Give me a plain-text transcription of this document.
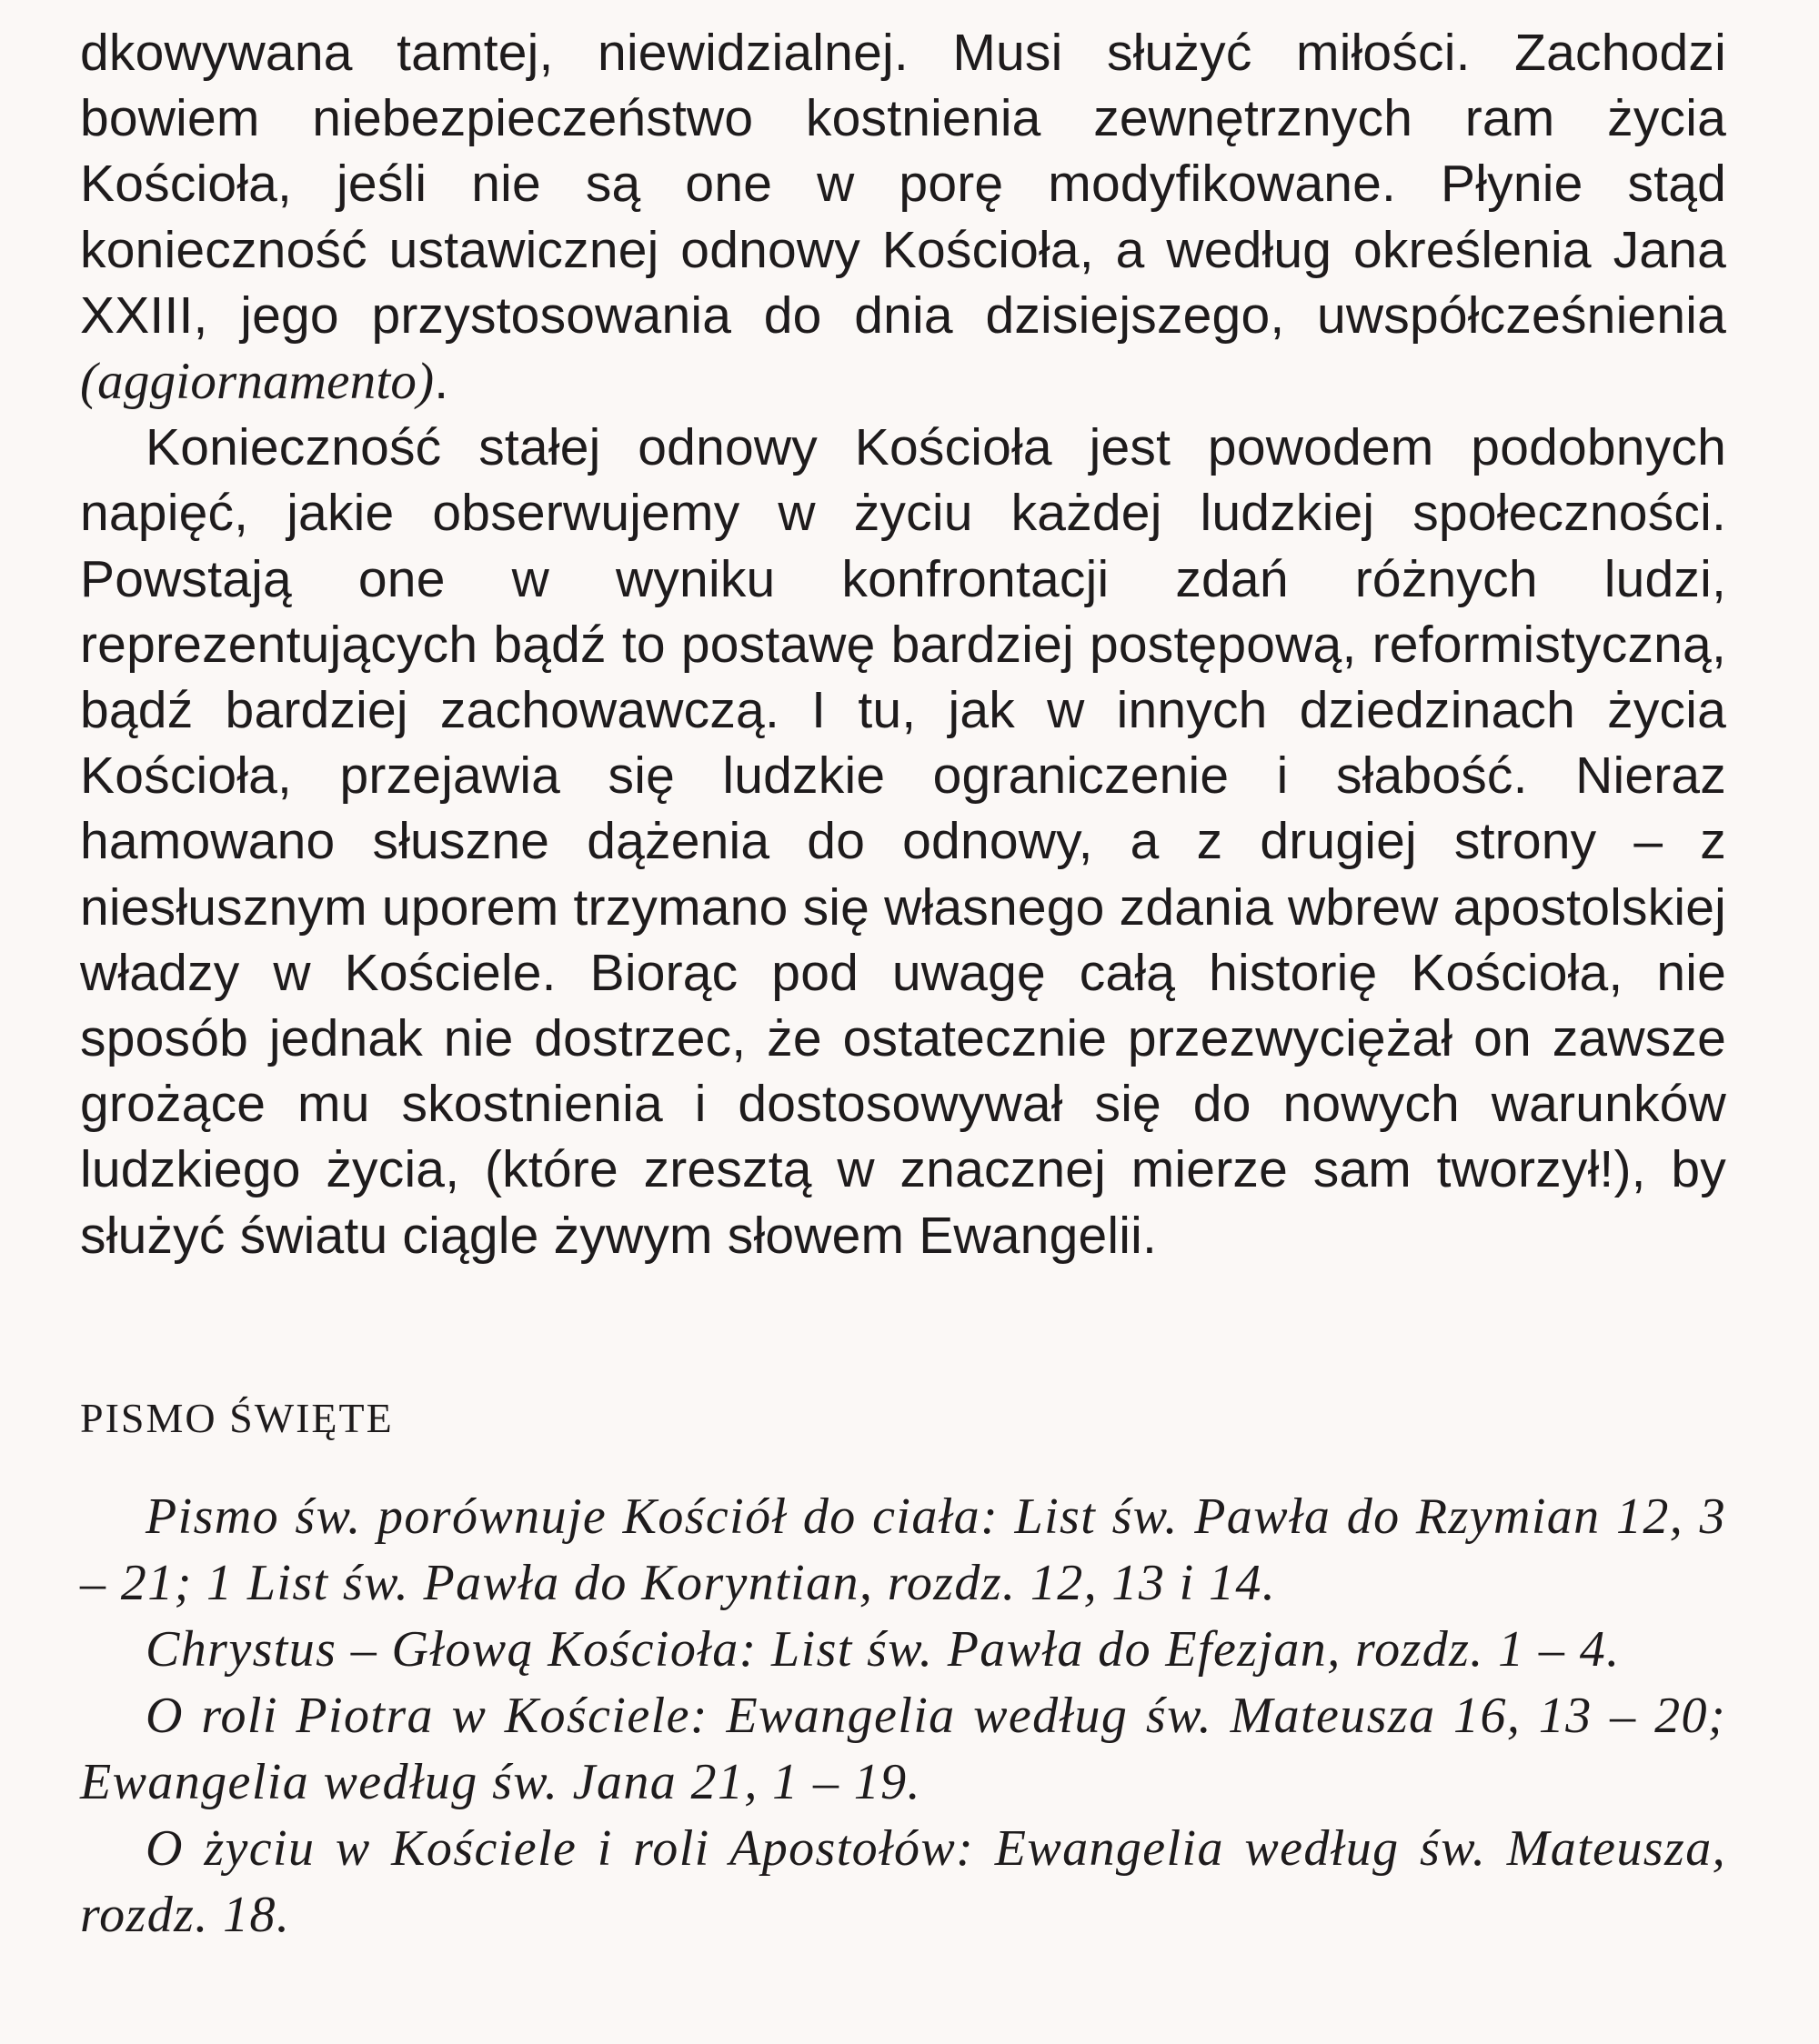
dkowywana tamtej, niewidzialnej. Musi służyć miłości. Zachodzi bowiem niebezpieczeństwo kostnienia zewnętrznych ram życia Kościoła, jeśli nie są one w porę modyfikowane. Płynie stąd konieczność ustawicznej odnowy Kościoła, a według określenia Jana XXIII, jego przystosowania do dnia dzisiejszego, uwspółcześnienia (aggiornamento).

Konieczność stałej odnowy Kościoła jest powodem podobnych napięć, jakie obserwujemy w życiu każdej ludzkiej społeczności. Powstają one w wyniku konfrontacji zdań różnych ludzi, reprezentujących bądź to postawę bardziej postępową, reformistyczną, bądź bardziej zachowawczą. I tu, jak w innych dziedzinach życia Kościoła, przejawia się ludzkie ograniczenie i słabość. Nieraz hamowano słuszne dążenia do odnowy, a z drugiej strony – z niesłusznym uporem trzymano się własnego zdania wbrew apostolskiej władzy w Kościele. Biorąc pod uwagę całą historię Kościoła, nie sposób jednak nie dostrzec, że ostatecznie przezwyciężał on zawsze grożące mu skostnienia i dostosowywał się do nowych warunków ludzkiego życia, (które zresztą w znacznej mierze sam tworzył!), by służyć światu ciągle żywym słowem Ewangelii.

PISMO ŚWIĘTE

Pismo św. porównuje Kościół do ciała: List św. Pawła do Rzymian 12, 3 – 21; 1 List św. Pawła do Koryntian, rozdz. 12, 13 i 14.

Chrystus – Głową Kościoła: List św. Pawła do Efezjan, rozdz. 1 – 4.

O roli Piotra w Kościele: Ewangelia według św. Mateusza 16, 13 – 20; Ewangelia według św. Jana 21, 1 – 19.

O życiu w Kościele i roli Apostołów: Ewangelia według św. Mateusza, rozdz. 18.
